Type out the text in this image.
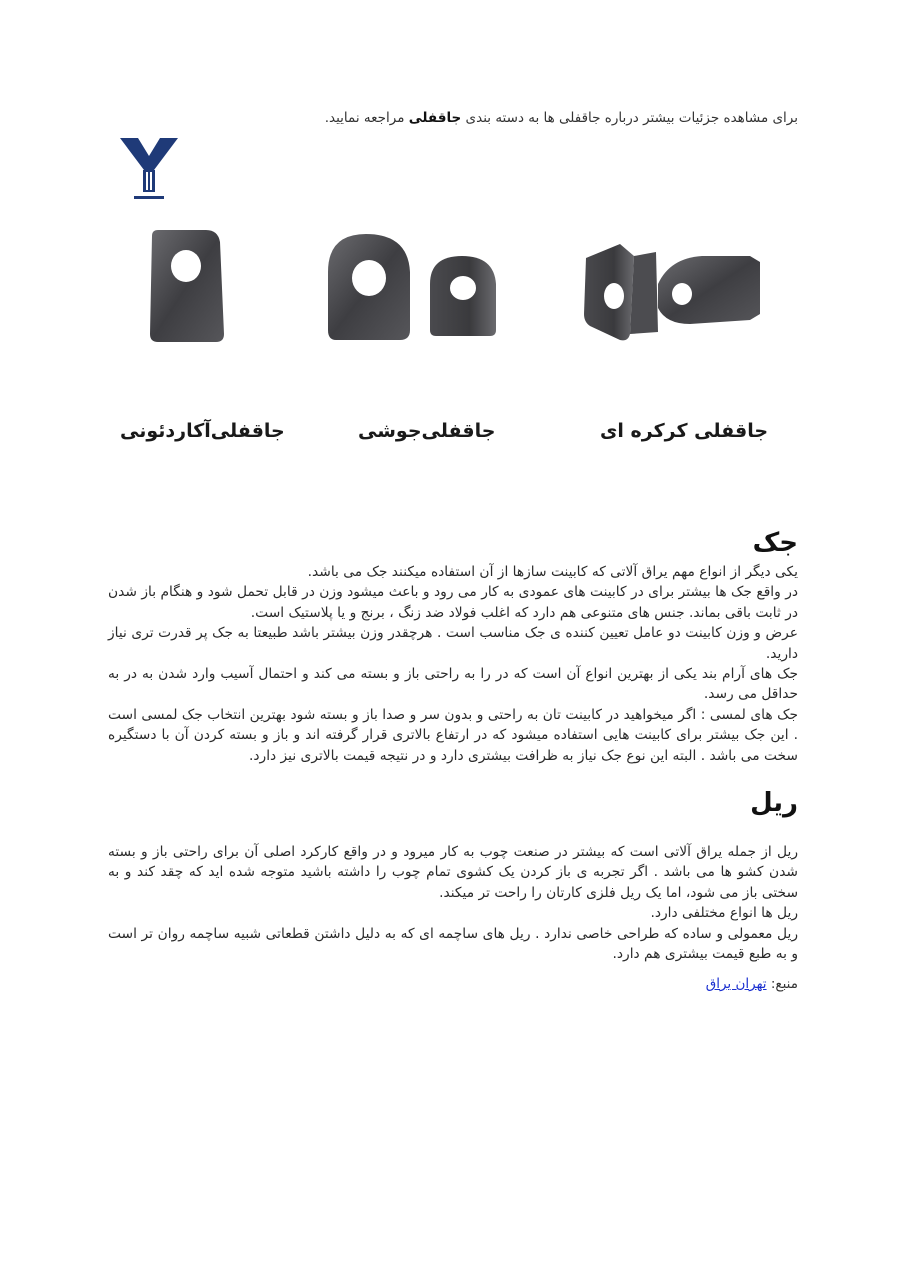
برای مشاهده جزئیات بیشتر درباره جاقفلی ها به دسته بندی جاقفلی مراجعه نمایید.
جاقفلی کرکره ای
جاقفلی‌جوشی
جاقفلی‌آکاردئونی
جک

یکی دیگر از انواع مهم یراق آلاتی که کابینت سازها از آن استفاده میکنند جک می باشد.

در واقع جک ها بیشتر برای در کابینت های عمودی به کار می رود و باعث میشود وزن در قابل تحمل شود و هنگام باز شدن در ثابت باقی بماند. جنس های متنوعی هم دارد که اغلب فولاد ضد زنگ ، برنج و یا پلاستیک است.

عرض و وزن کابینت دو عامل تعیین کننده ی جک مناسب است . هرچقدر وزن بیشتر باشد طبیعتا به جک پر قدرت تری نیاز دارید.

جک های آرام بند یکی از بهترین انواع آن است که در را به راحتی باز و بسته می کند و احتمال آسیب وارد شدن به در به حداقل می رسد.

جک های لمسی : اگر میخواهید در کابینت تان به راحتی و بدون سر و صدا باز و بسته شود بهترین انتخاب جک لمسی است . این جک بیشتر برای کابینت هایی استفاده میشود که در ارتفاع بالاتری قرار گرفته اند و باز و بسته کردن آن با دستگیره سخت می باشد . البته این نوع جک نیاز به ظرافت بیشتری دارد و در نتیجه قیمت بالاتری نیز دارد.

ریل

ریل از جمله یراق آلاتی است که بیشتر در صنعت چوب به کار میرود و در واقع کارکرد اصلی آن برای راحتی باز و بسته شدن کشو ها می باشد . اگر تجربه ی باز کردن یک کشوی تمام چوب را داشته باشید متوجه شده اید که چقد کند و به سختی باز می شود، اما یک ریل فلزی کارتان را راحت تر میکند.

ریل ها انواع مختلفی دارد.

ریل معمولی و ساده که طراحی خاصی ندارد . ریل های ساچمه ای که به دلیل داشتن قطعاتی شبیه ساچمه روان تر است و به طبع قیمت بیشتری هم دارد.

منبع: تهران یراق
